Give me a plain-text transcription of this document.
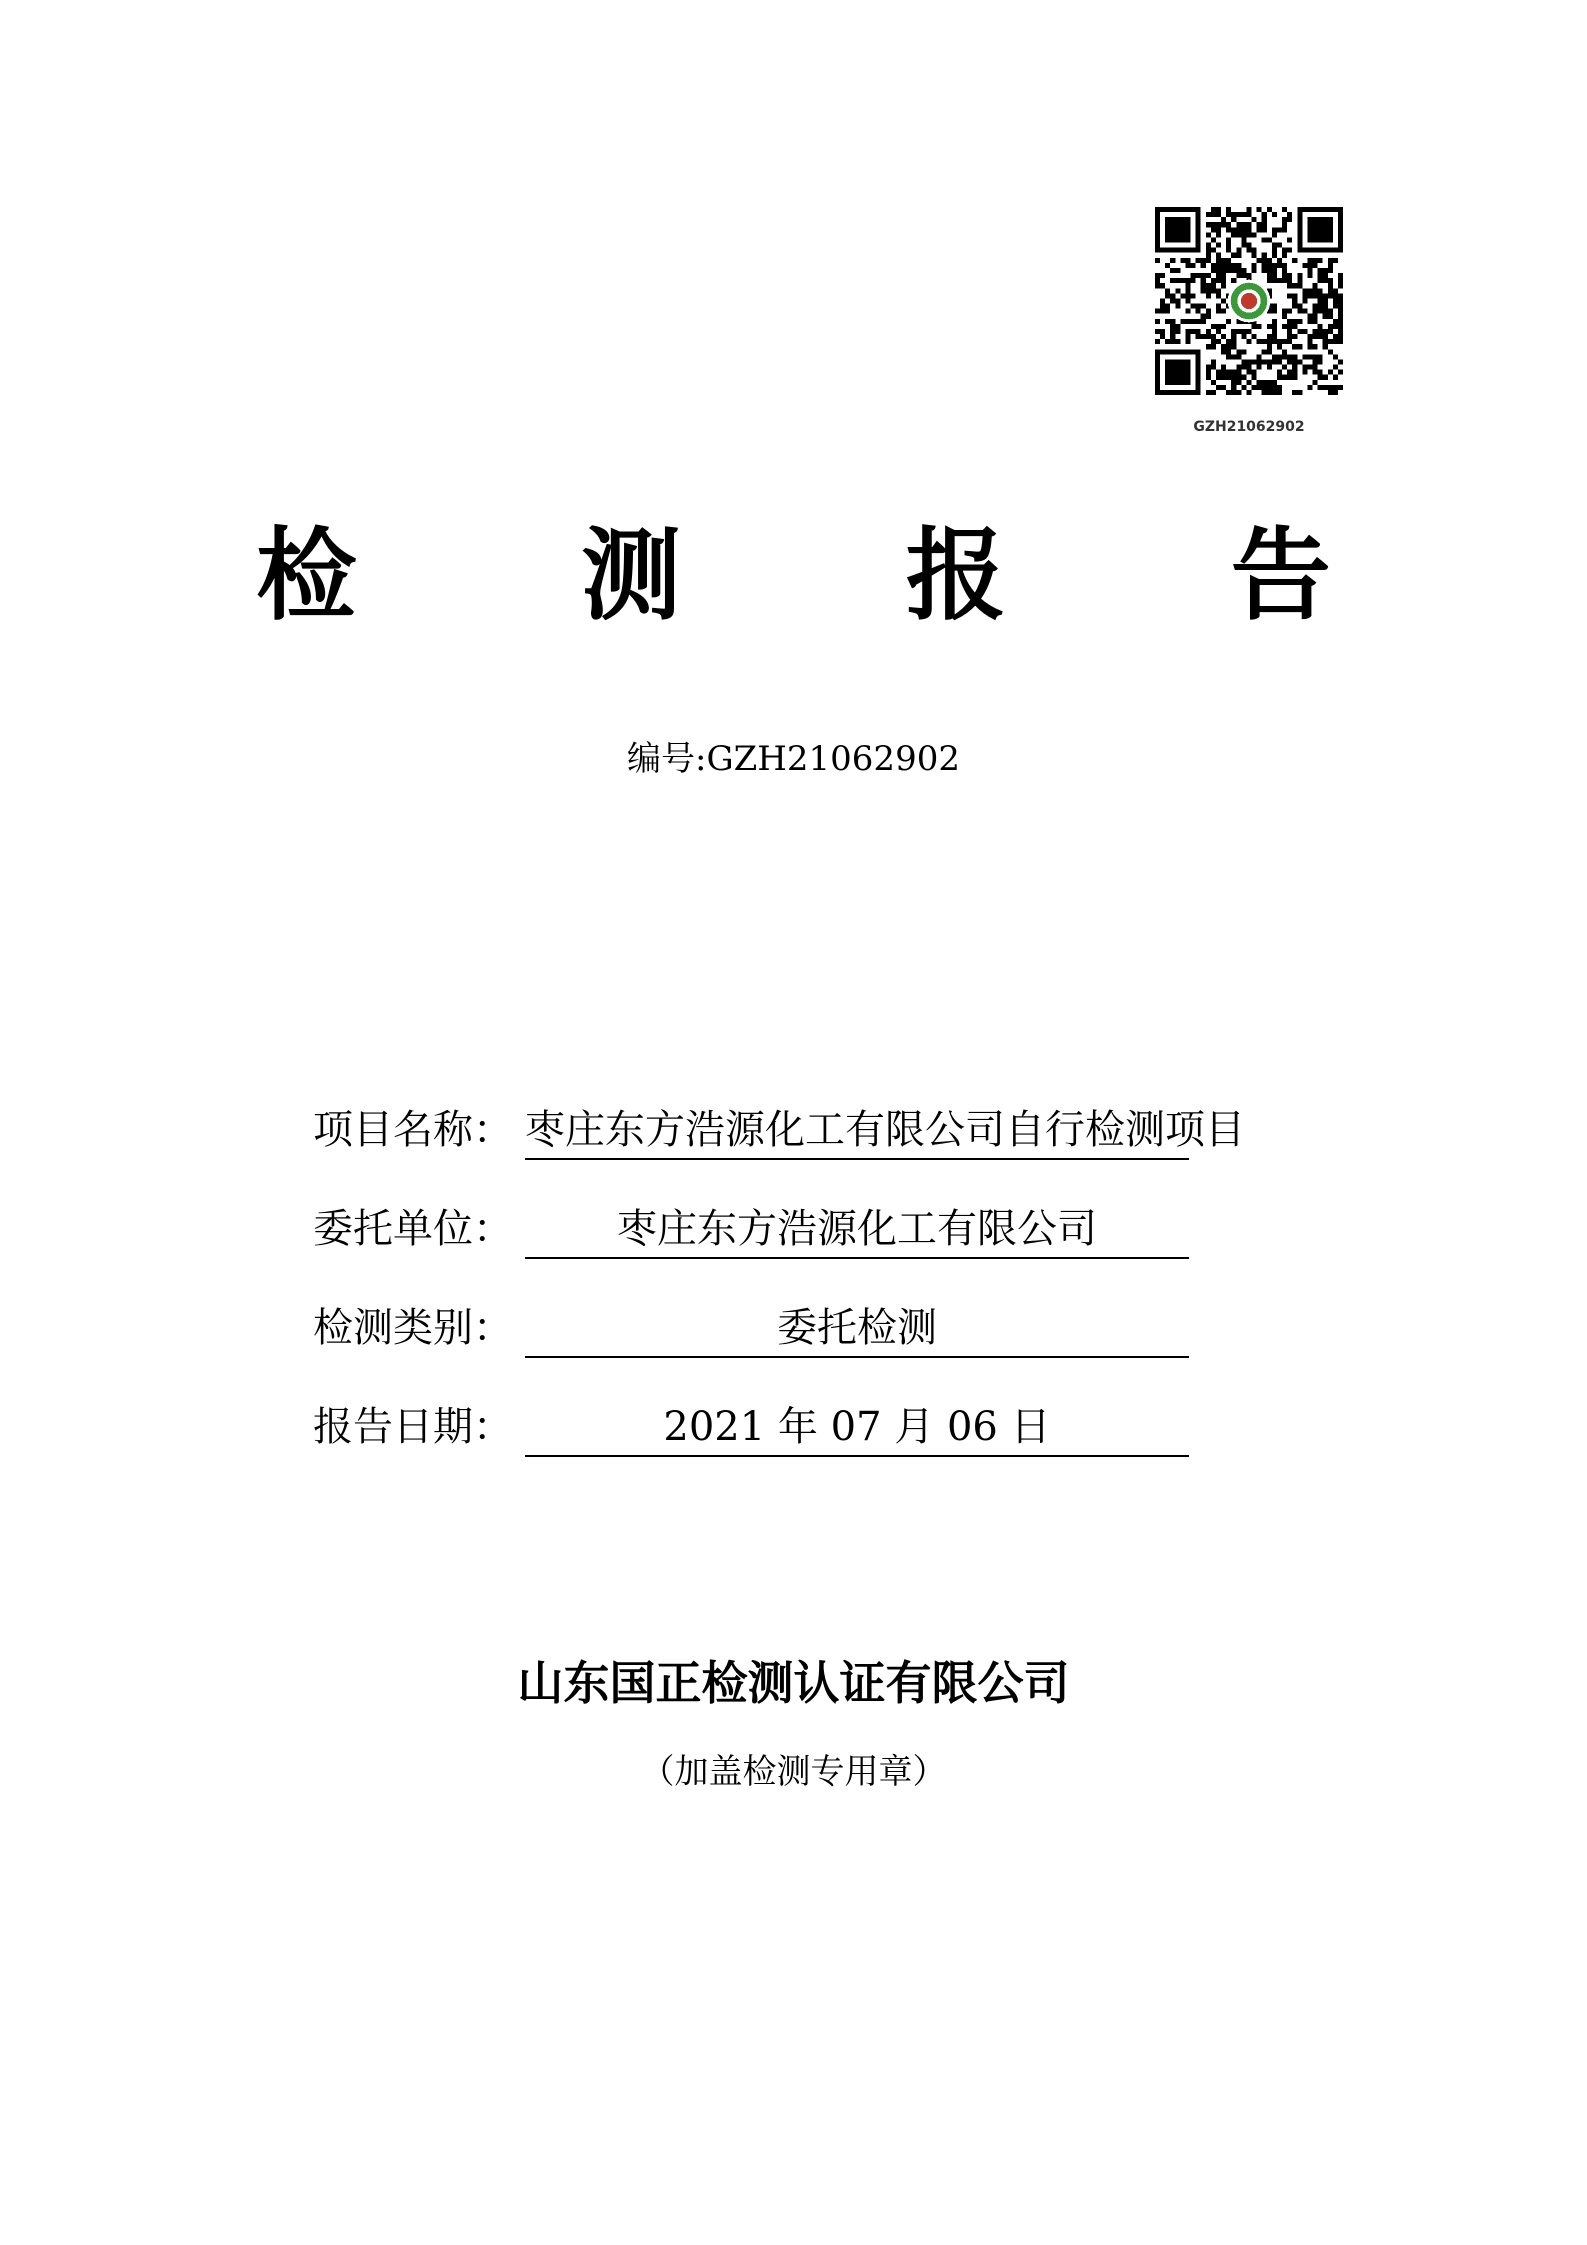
GZH21062902
检 测 报 告
编号:GZH21062902
项目名称： 枣庄东方浩源化工有限公司自行检测项目
委托单位：	枣庄东方浩源化工有限公司
检测类别：	委托检测
报告日期：	2021 年 07 月 06 日
山东国正检测认证有限公司
（加盖检测专用章）
